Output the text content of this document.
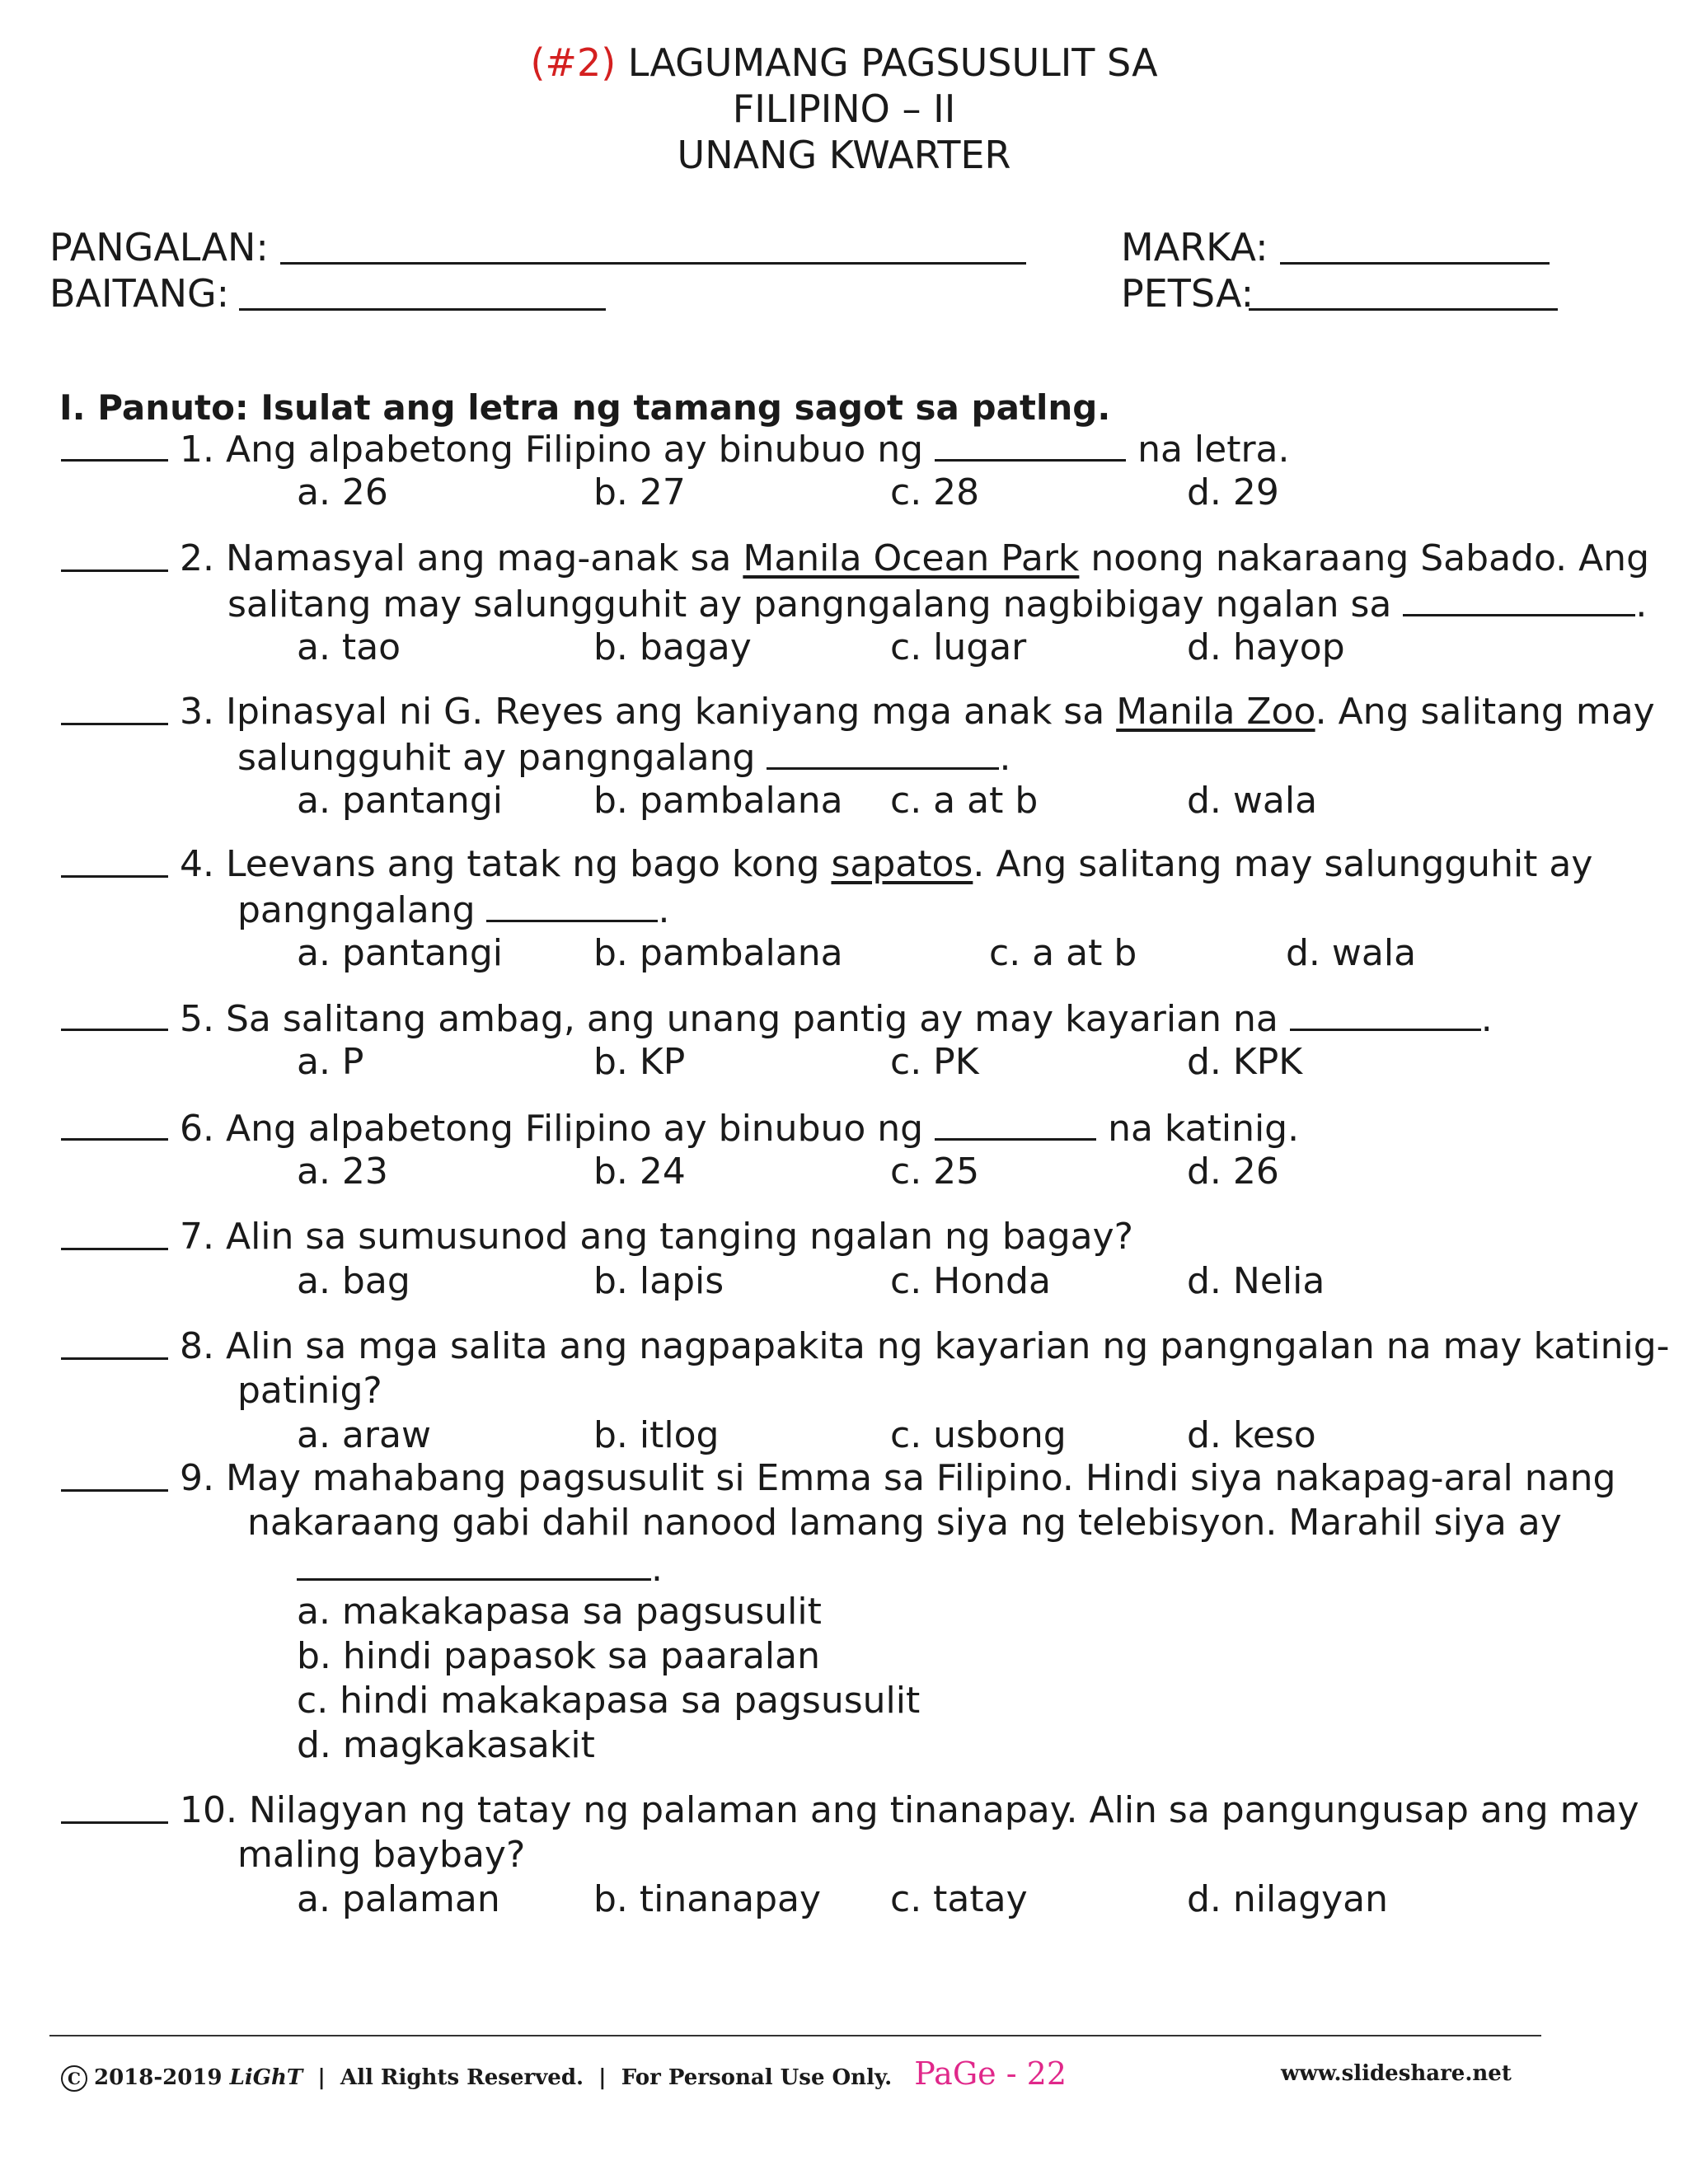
(#2) LAGUMANG PAGSUSULIT SA
FILIPINO – II
UNANG KWARTER
PANGALAN:
BAITANG:
MARKA:
PETSA:
I. Panuto: Isulat ang letra ng tamang sagot sa patlng.
1. Ang alpabetong Filipino ay binubuo ng	na letra.
a. 26	b. 27	c. 28	d. 29
2. Namasyal ang mag-anak sa Manila Ocean Park noong nakaraang Sabado. Ang
salitang may salungguhit ay pangngalang nagbibigay ngalan sa	.
a. tao	b. bagay	c. lugar	d. hayop
3. Ipinasyal ni G. Reyes ang kaniyang mga anak sa Manila Zoo. Ang salitang may
salungguhit ay pangngalang	.
a. pantangi	b. pambalana c. a at b	d. wala
4. Leevans ang tatak ng bago kong sapatos. Ang salitang may salungguhit ay
pangngalang	.
a. pantangi	b. pambalana	c. a at b	d. wala
5. Sa salitang ambag, ang unang pantig ay may kayarian na	.
a. P	b. KP	c. PK	d. KPK
6. Ang alpabetong Filipino ay binubuo ng	na katinig.
a. 23	b. 24	c. 25	d. 26
7. Alin sa sumusunod ang tanging ngalan ng bagay?
a. bag	b. lapis	c. Honda	d. Nelia
8. Alin sa mga salita ang nagpapakita ng kayarian ng pangngalan na may katinig-
patinig?
a. araw	b. itlog	c. usbong	d. keso
9. May mahabang pagsusulit si Emma sa Filipino. Hindi siya nakapag-aral nang
nakaraang gabi dahil nanood lamang siya ng telebisyon. Marahil siya ay
.
a. makakapasa sa pagsusulit
b. hindi papasok sa paaralan
c. hindi makakapasa sa pagsusulit
d. magkakasakit
10. Nilagyan ng tatay ng palaman ang tinanapay. Alin sa pangungusap ang may
maling baybay?
a. palaman	b. tinanapay c. tatay	d. nilagyan
C 2018-2019 LiGhT | All Rights Reserved. | For Personal Use Only. PaGe - 22	www.slideshare.net
